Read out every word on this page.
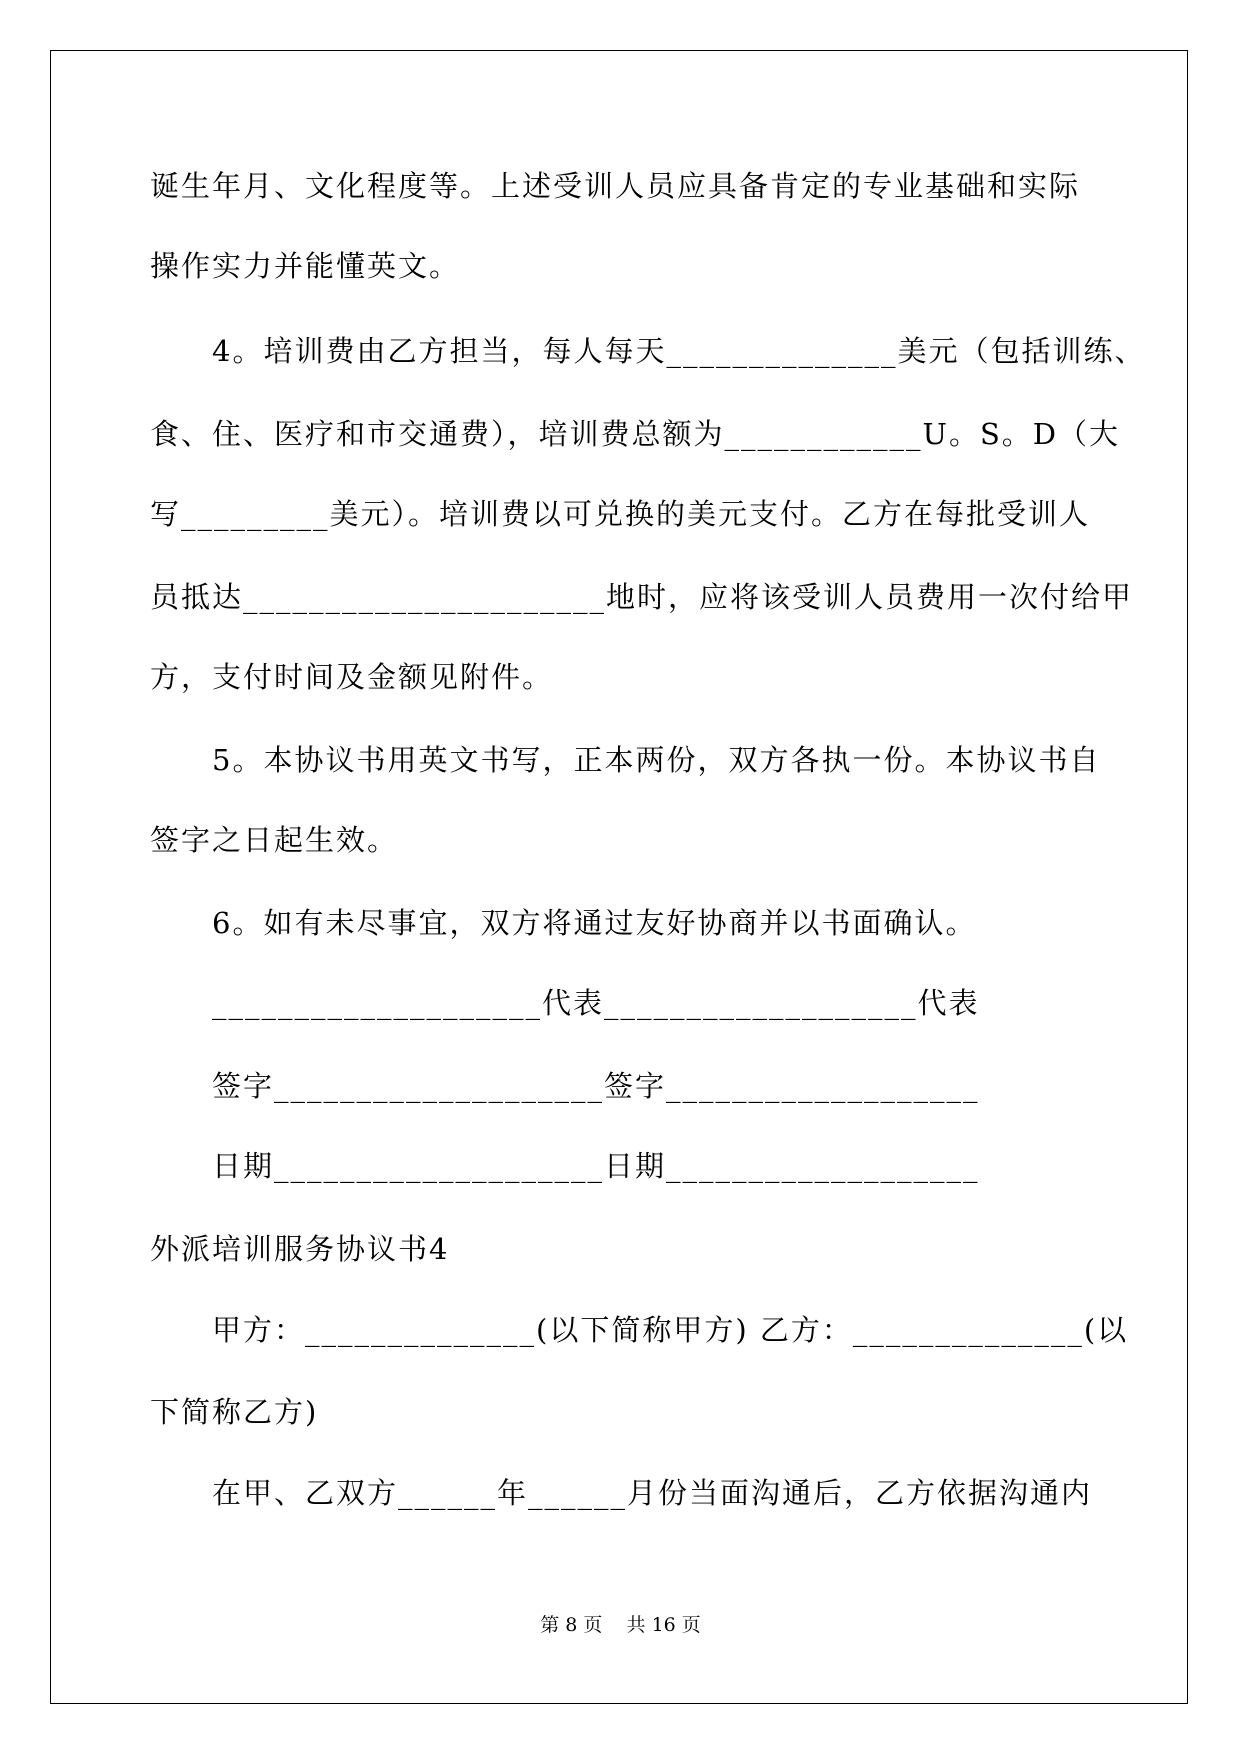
诞生年月、文化程度等。上述受训人员应具备肯定的专业基础和实际
操作实力并能懂英文。
4。培训费由乙方担当，每人每天______________美元（包括训练、
食、住、医疗和市交通费），培训费总额为____________U。S。D（大
写_________美元）。培训费以可兑换的美元支付。乙方在每批受训人
员抵达______________________地时，应将该受训人员费用一次付给甲
方，支付时间及金额见附件。
5。本协议书用英文书写，正本两份，双方各执一份。本协议书自
签字之日起生效。
6。如有未尽事宜，双方将通过友好协商并以书面确认。
____________________代表___________________代表
签字____________________签字___________________
日期____________________日期___________________
外派培训服务协议书4
甲方：______________(以下简称甲方) 乙方：______________(以
下简称乙方)
在甲、乙双方______年______月份当面沟通后，乙方依据沟通内
第 8 页    共 16 页
